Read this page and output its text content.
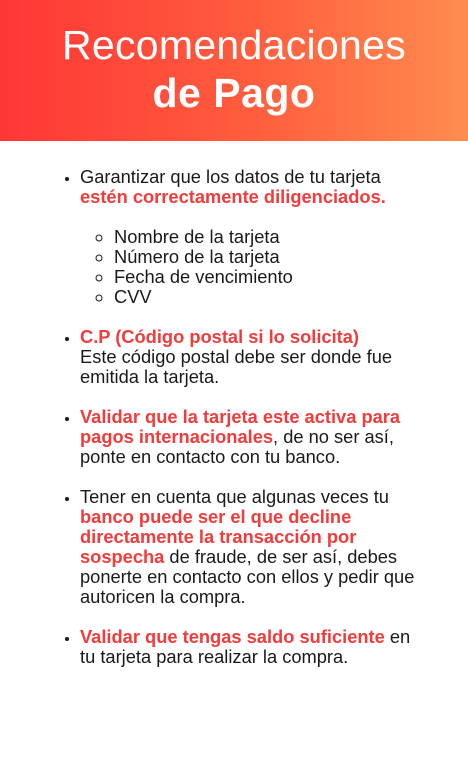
Recomendaciones
de Pago
• Garantizar que los datos de tu tarjeta estén correctamente diligenciados.
◦ Nombre de la tarjeta
◦ Número de la tarjeta
◦ Fecha de vencimiento
◦ CVV
• C.P (Código postal si lo solicita)
Este código postal debe ser donde fue emitida la tarjeta.
• Validar que la tarjeta este activa para pagos internacionales, de no ser así, ponte en contacto con tu banco.
• Tener en cuenta que algunas veces tu banco puede ser el que decline directamente la transacción por sospecha de fraude, de ser así, debes ponerte en contacto con ellos y pedir que autoricen la compra.
• Validar que tengas saldo suficiente en tu tarjeta para realizar la compra.
